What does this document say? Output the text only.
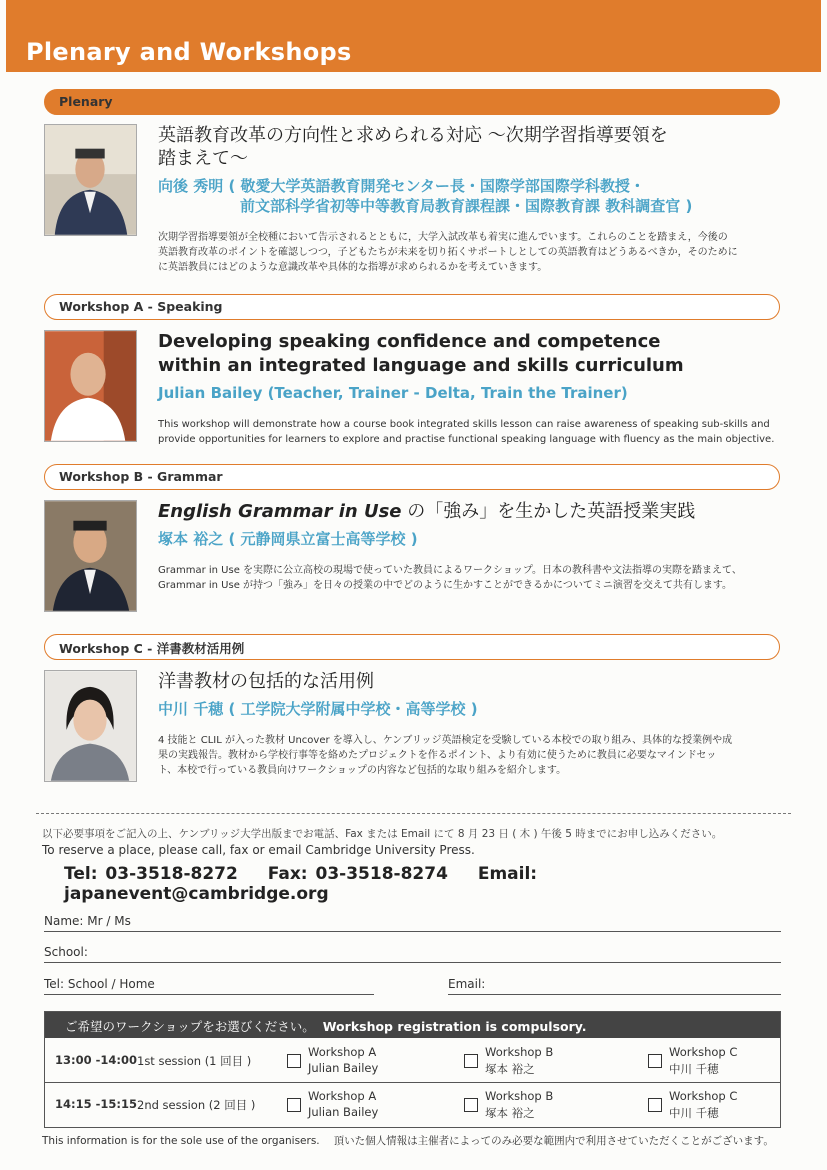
Plenary and Workshops
Plenary
英語教育改革の方向性と求められる対応 ～次期学習指導要領を
踏まえて～
向後 秀明 ( 敬愛大学英語教育開発センター長・国際学部国際学科教授・
前文部科学省初等中等教育局教育課程課・国際教育課 教科調査官 )
次期学習指導要領が全校種において告示されるとともに，大学入試改革も着実に進んでいます。これらのことを踏まえ，今後の
英語教育改革のポイントを確認しつつ，子どもたちが未来を切り拓くサポートしとしての英語教育はどうあるべきか，そのために
に英語教員にはどのような意識改革や具体的な指導が求められるかを考えていきます。
Workshop A - Speaking
Developing speaking confidence and competence
within an integrated language and skills curriculum
Julian Bailey (Teacher, Trainer - Delta, Train the Trainer)
This workshop will demonstrate how a course book integrated skills lesson can raise awareness of speaking sub-skills and
provide opportunities for learners to explore and practise functional speaking language with fluency as the main objective.
Workshop B - Grammar
English Grammar in Use の「強み」を生かした英語授業実践
塚本 裕之 ( 元静岡県立富士高等学校 )
Grammar in Use を実際に公立高校の現場で使っていた教員によるワークショップ。日本の教科書や文法指導の実際を踏まえて、
Grammar in Use が持つ「強み」を日々の授業の中でどのように生かすことができるかについてミニ演習を交えて共有します。
Workshop C - 洋書教材活用例
洋書教材の包括的な活用例
中川 千穂 ( 工学院大学附属中学校・高等学校 )
4 技能と CLIL が入った教材 Uncover を導入し、ケンブリッジ英語検定を受験している本校での取り組み、具体的な授業例や成
果の実践報告。教材から学校行事等を絡めたプロジェクトを作るポイント、より有効に使うために教員に必要なマインドセッ
ト、本校で行っている教員向けワークショップの内容など包括的な取り組みを紹介します。
以下必要事項をご記入の上、ケンブリッジ大学出版までお電話、Fax または Email にて 8 月 23 日 ( 木 ) 午後 5 時までにお申し込みください。
To reserve a place, please call, fax or email Cambridge University Press.
Tel: 03-3518-8272 Fax: 03-3518-8274 Email: japanevent@cambridge.org
Name: Mr / Ms
School:
Tel: School / Home	Email:
ご希望のワークショップをお選びください。 Workshop registration is compulsory.
13:00 -14:00 1st session (1 回目 )
Workshop A
Julian Bailey
Workshop B
塚本 裕之
Workshop C
中川 千穂
14:15 -15:15 2nd session (2 回目 )
Workshop A
Julian Bailey
Workshop B
塚本 裕之
Workshop C
中川 千穂
This information is for the sole use of the organisers. 頂いた個人情報は主催者によってのみ必要な範囲内で利用させていただくことがございます。
